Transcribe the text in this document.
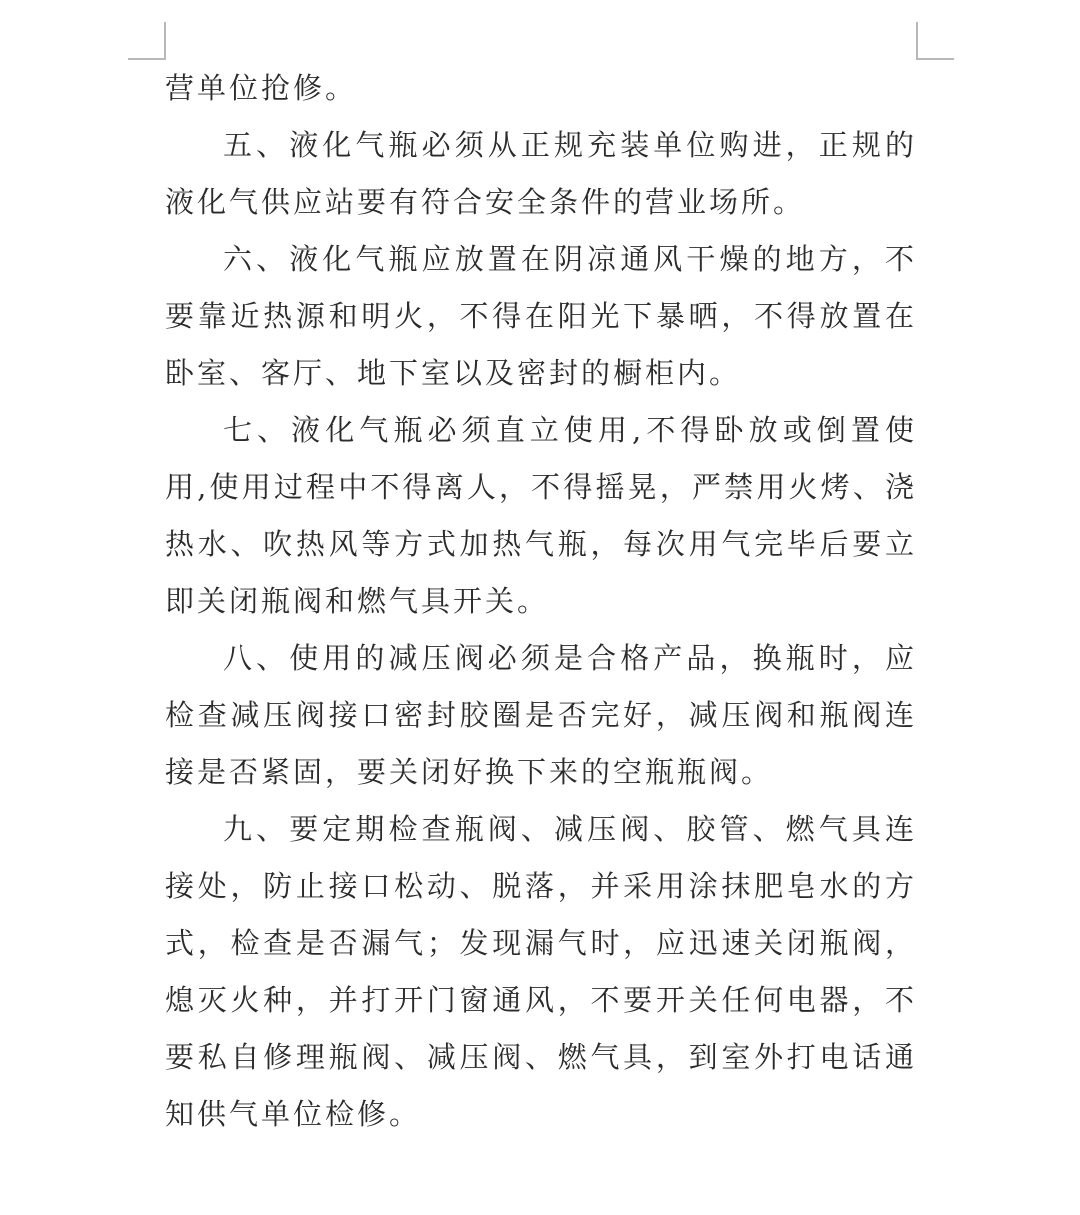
营单位抢修。

五、液化气瓶必须从正规充装单位购进，正规的液化气供应站要有符合安全条件的营业场所。

六、液化气瓶应放置在阴凉通风干燥的地方，不要靠近热源和明火，不得在阳光下暴晒，不得放置在卧室、客厅、地下室以及密封的橱柜内。

七、液化气瓶必须直立使用,不得卧放或倒置使用,使用过程中不得离人，不得摇晃，严禁用火烤、浇热水、吹热风等方式加热气瓶，每次用气完毕后要立即关闭瓶阀和燃气具开关。

八、使用的减压阀必须是合格产品，换瓶时，应检查减压阀接口密封胶圈是否完好，减压阀和瓶阀连接是否紧固，要关闭好换下来的空瓶瓶阀。

九、要定期检查瓶阀、减压阀、胶管、燃气具连接处，防止接口松动、脱落，并采用涂抹肥皂水的方式，检查是否漏气；发现漏气时，应迅速关闭瓶阀，熄灭火种，并打开门窗通风，不要开关任何电器，不要私自修理瓶阀、减压阀、燃气具，到室外打电话通知供气单位检修。
